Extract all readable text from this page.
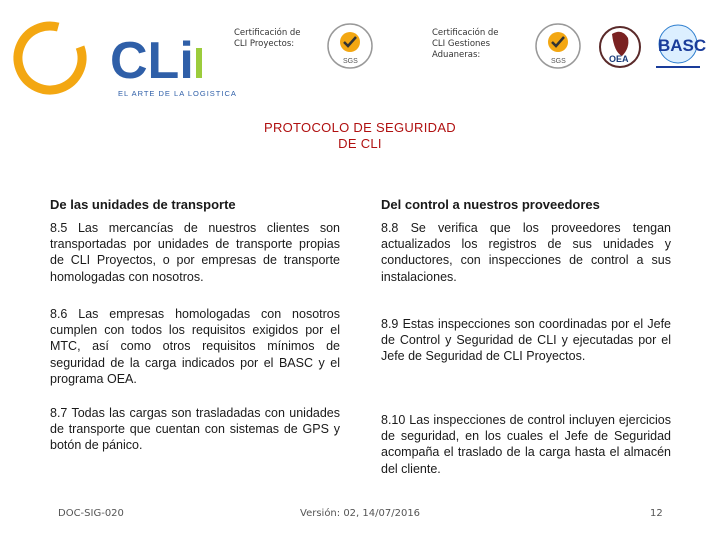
CLi
EL ARTE DE LA LOGISTICA
Certificación de CLI Proyectos:
Certificación de CLI Gestiones Aduaneras:
SGS	SGS	OEA
BASC
PROTOCOLO DE SEGURIDAD
DE CLI
De las unidades de transporte
8.5 Las mercancías de nuestros clientes son transportadas por unidades de transporte propias de CLI Proyectos, o por empresas de transporte homologadas con nosotros.
8.6 Las empresas homologadas con nosotros cumplen con todos los requisitos exigidos por el MTC, así como otros requisitos mínimos de seguridad de la carga indicados por el BASC y el programa OEA.
8.7 Todas las cargas son trasladadas con unidades de transporte que cuentan con sistemas de GPS y botón de pánico.
Del control a nuestros proveedores
8.8 Se verifica que los proveedores tengan actualizados los registros de sus unidades y conductores, con inspecciones de control a sus instalaciones.
8.9 Estas inspecciones son coordinadas por el Jefe de Control y Seguridad de CLI y ejecutadas por el Jefe de Seguridad de CLI Proyectos.
8.10 Las inspecciones de control incluyen ejercicios de seguridad, en los cuales el Jefe de Seguridad acompaña el traslado de la carga hasta el almacén del cliente.
DOC-SIG-020	Versión: 02, 14/07/2016	12
